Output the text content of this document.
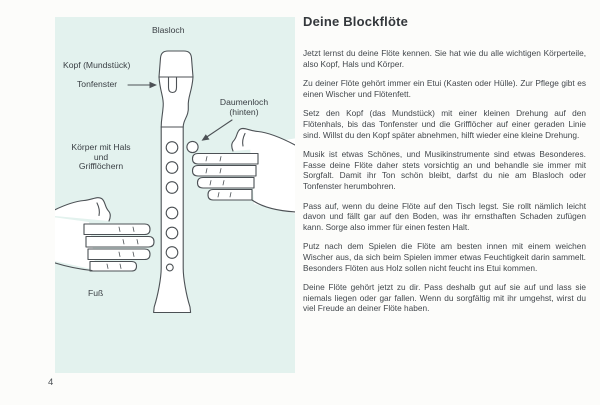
Blasloch
Kopf (Mundstück)
Tonfenster
Daumenloch
(hinten)
Körper mit Hals
und
Grifflöchern
Fuß
Deine Blockflöte

Jetzt lernst du deine Flöte kennen. Sie hat wie du alle wichtigen Körperteile, also Kopf, Hals und Körper.

Zu deiner Flöte gehört immer ein Etui (Kasten oder Hülle). Zur Pflege gibt es einen Wischer und Flötenfett.

Setz den Kopf (das Mundstück) mit einer kleinen Drehung auf den Flötenhals, bis das Tonfenster und die Grifflöcher auf einer geraden Linie sind. Willst du den Kopf später abnehmen, hilft wieder eine kleine Drehung.

Musik ist etwas Schönes, und Musikinstrumente sind etwas Besonderes. Fasse deine Flöte daher stets vorsichtig an und behandle sie immer mit Sorgfalt. Damit ihr Ton schön bleibt, darfst du nie am Blasloch oder Tonfenster herumbohren.

Pass auf, wenn du deine Flöte auf den Tisch legst. Sie rollt nämlich leicht davon und fällt gar auf den Boden, was ihr ernsthaften Schaden zufügen kann. Sorge also immer für einen festen Halt.

Putz nach dem Spielen die Flöte am besten innen mit einem weichen Wischer aus, da sich beim Spielen immer etwas Feuchtigkeit darin sammelt. Besonders Flöten aus Holz sollen nicht feucht ins Etui kommen.

Deine Flöte gehört jetzt zu dir. Pass deshalb gut auf sie auf und lass sie niemals liegen oder gar fallen. Wenn du sorgfältig mit ihr umgehst, wirst du viel Freude an deiner Flöte haben.

4
